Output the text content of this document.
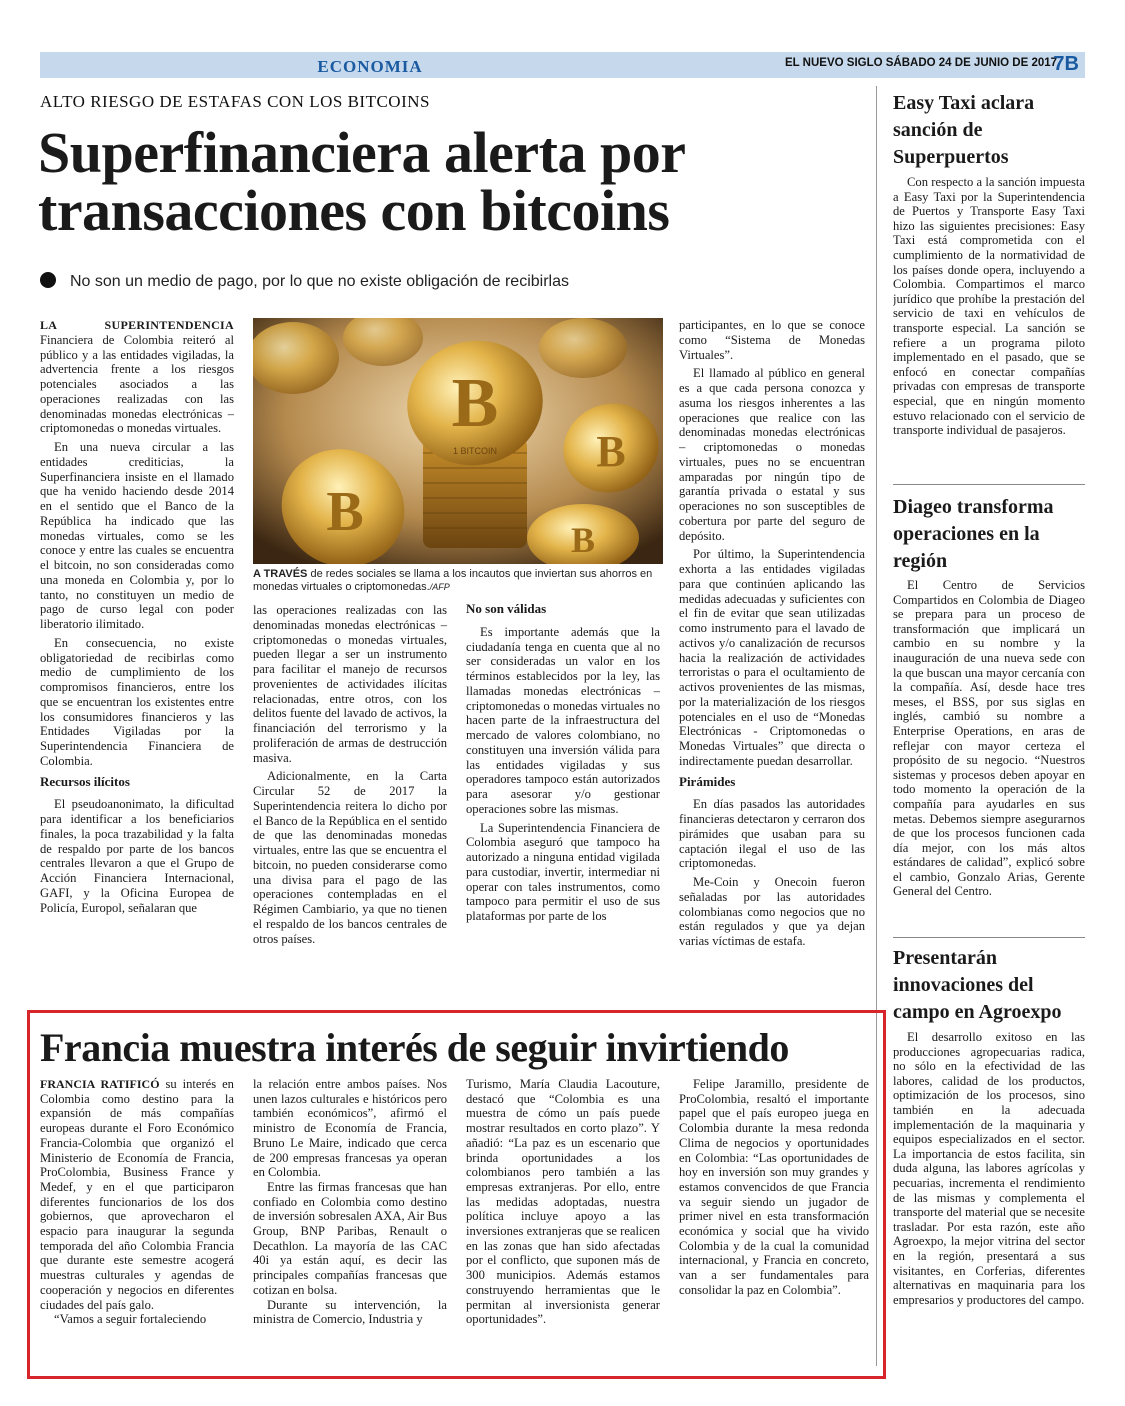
ECONOMIA	EL NUEVO SIGLO SÁBADO 24 DE JUNIO DE 2017
7B
ALTO RIESGO DE ESTAFAS CON LOS BITCOINS
Superfinanciera alerta por transacciones con bitcoins
No son un medio de pago, por lo que no existe obligación de recibirlas

LA SUPERINTENDENCIA Financiera de Colombia reiteró al público y a las entidades vigiladas, la advertencia frente a los riesgos potenciales asociados a las operaciones realizadas con las denominadas monedas electrónicas – criptomonedas o monedas virtuales.

En una nueva circular a las entidades crediticias, la Superfinanciera insiste en el llamado que ha venido haciendo desde 2014 en el sentido que el Banco de la República ha indicado que las monedas virtuales, como se les conoce y entre las cuales se encuentra el bitcoin, no son consideradas como una moneda en Colombia y, por lo tanto, no constituyen un medio de pago de curso legal con poder liberatorio ilimitado.

En consecuencia, no existe obligatoriedad de recibirlas como medio de cumplimiento de los compromisos financieros, entre los que se encuentran los existentes entre los consumidores financieros y las Entidades Vigiladas por la Superintendencia Financiera de Colombia.

Recursos ilícitos

El pseudoanonimato, la dificultad para identificar a los beneficiarios finales, la poca trazabilidad y la falta de respaldo por parte de los bancos centrales llevaron a que el Grupo de Acción Financiera Internacional, GAFI, y la Oficina Europea de Policía, Europol, señalaran que

B
1 BITCOIN
B
B
B
A TRAVÉS de redes sociales se llama a los incautos que inviertan sus ahorros en monedas virtuales o criptomonedas./AFP

las operaciones realizadas con las denominadas monedas electrónicas – criptomonedas o monedas virtuales, pueden llegar a ser un instrumento para facilitar el manejo de recursos provenientes de actividades ilícitas relacionadas, entre otros, con los delitos fuente del lavado de activos, la financiación del terrorismo y la proliferación de armas de destrucción masiva.

Adicionalmente, en la Carta Circular 52 de 2017 la Superintendencia reitera lo dicho por el Banco de la República en el sentido de que las denominadas monedas virtuales, entre las que se encuentra el bitcoin, no pueden considerarse como una divisa para el pago de las operaciones contempladas en el Régimen Cambiario, ya que no tienen el respaldo de los bancos centrales de otros países.

No son válidas

Es importante además que la ciudadanía tenga en cuenta que al no ser consideradas un valor en los términos establecidos por la ley, las llamadas monedas electrónicas – criptomonedas o monedas virtuales no hacen parte de la infraestructura del mercado de valores colombiano, no constituyen una inversión válida para las entidades vigiladas y sus operadores tampoco están autorizados para asesorar y/o gestionar operaciones sobre las mismas.

La Superintendencia Financiera de Colombia aseguró que tampoco ha autorizado a ninguna entidad vigilada para custodiar, invertir, intermediar ni operar con tales instrumentos, como tampoco para permitir el uso de sus plataformas por parte de los

participantes, en lo que se conoce como “Sistema de Monedas Virtuales”.

El llamado al público en general es a que cada persona conozca y asuma los riesgos inherentes a las operaciones que realice con las denominadas monedas electrónicas – criptomonedas o monedas virtuales, pues no se encuentran amparadas por ningún tipo de garantía privada o estatal y sus operaciones no son susceptibles de cobertura por parte del seguro de depósito.

Por último, la Superintendencia exhorta a las entidades vigiladas para que continúen aplicando las medidas adecuadas y suficientes con el fin de evitar que sean utilizadas como instrumento para el lavado de activos y/o canalización de recursos hacia la realización de actividades terroristas o para el ocultamiento de activos provenientes de las mismas, por la materialización de los riesgos potenciales en el uso de “Monedas Electrónicas - Criptomonedas o Monedas Virtuales” que directa o indirectamente puedan desarrollar.

Pirámides

En días pasados las autoridades financieras detectaron y cerraron dos pirámides que usaban para su captación ilegal el uso de las criptomonedas.

Me-Coin y Onecoin fueron señaladas por las autoridades colombianas como negocios que no están regulados y que ya dejan varias víctimas de estafa.

Easy Taxi aclara sanción de Superpuertos

Con respecto a la sanción impuesta a Easy Taxi por la Superintendencia de Puertos y Transporte Easy Taxi hizo las siguientes precisiones: Easy Taxi está comprometida con el cumplimiento de la normatividad de los países donde opera, incluyendo a Colombia. Compartimos el marco jurídico que prohíbe la prestación del servicio de taxi en vehículos de transporte especial. La sanción se refiere a un programa piloto implementado en el pasado, que se enfocó en conectar compañías privadas con empresas de transporte especial, que en ningún momento estuvo relacionado con el servicio de transporte individual de pasajeros.

Diageo transforma operaciones en la región

El Centro de Servicios Compartidos en Colombia de Diageo se prepara para un proceso de transformación que implicará un cambio en su nombre y la inauguración de una nueva sede con la que buscan una mayor cercanía con la compañía. Así, desde hace tres meses, el BSS, por sus siglas en inglés, cambió su nombre a Enterprise Operations, en aras de reflejar con mayor certeza el propósito de su negocio. “Nuestros sistemas y procesos deben apoyar en todo momento la operación de la compañía para ayudarles en sus metas. Debemos siempre asegurarnos de que los procesos funcionen cada día mejor, con los más altos estándares de calidad”, explicó sobre el cambio, Gonzalo Arias, Gerente General del Centro.

Presentarán innovaciones del campo en Agroexpo

El desarrollo exitoso en las producciones agropecuarias radica, no sólo en la efectividad de las labores, calidad de los productos, optimización de los procesos, sino también en la adecuada implementación de la maquinaria y equipos especializados en el sector. La importancia de estos facilita, sin duda alguna, las labores agrícolas y pecuarias, incrementa el rendimiento de las mismas y complementa el transporte del material que se necesite trasladar. Por esta razón, este año Agroexpo, la mejor vitrina del sector en la región, presentará a sus visitantes, en Corferias, diferentes alternativas en maquinaria para los empresarios y productores del campo.

Francia muestra interés de seguir invirtiendo

FRANCIA RATIFICÓ su interés en Colombia como destino para la expansión de más compañías europeas durante el Foro Económico Francia-Colombia que organizó el Ministerio de Economía de Francia, ProColombia, Business France y Medef, y en el que participaron diferentes funcionarios de los dos gobiernos, que aprovecharon el espacio para inaugurar la segunda temporada del año Colombia Francia que durante este semestre acogerá muestras culturales y agendas de cooperación y negocios en diferentes ciudades del país galo.

“Vamos a seguir fortaleciendo

la relación entre ambos países. Nos unen lazos culturales e históricos pero también económicos”, afirmó el ministro de Economía de Francia, Bruno Le Maire, indicado que cerca de 200 empresas francesas ya operan en Colombia.

Entre las firmas francesas que han confiado en Colombia como destino de inversión sobresalen AXA, Air Bus Group, BNP Paribas, Renault o Decathlon. La mayoría de las CAC 40i ya están aquí, es decir las principales compañías francesas que cotizan en bolsa.

Durante su intervención, la ministra de Comercio, Industria y

Turismo, María Claudia Lacouture, destacó que “Colombia es una muestra de cómo un país puede mostrar resultados en corto plazo”. Y añadió: “La paz es un escenario que brinda oportunidades a los colombianos pero también a las empresas extranjeras. Por ello, entre las medidas adoptadas, nuestra política incluye apoyo a las inversiones extranjeras que se realicen en las zonas que han sido afectadas por el conflicto, que suponen más de 300 municipios. Además estamos construyendo herramientas que le permitan al inversionista generar oportunidades”.

Felipe Jaramillo, presidente de ProColombia, resaltó el importante papel que el país europeo juega en Colombia durante la mesa redonda Clima de negocios y oportunidades en Colombia: “Las oportunidades de hoy en inversión son muy grandes y estamos convencidos de que Francia va seguir siendo un jugador de primer nivel en esta transformación económica y social que ha vivido Colombia y de la cual la comunidad internacional, y Francia en concreto, van a ser fundamentales para consolidar la paz en Colombia”.
